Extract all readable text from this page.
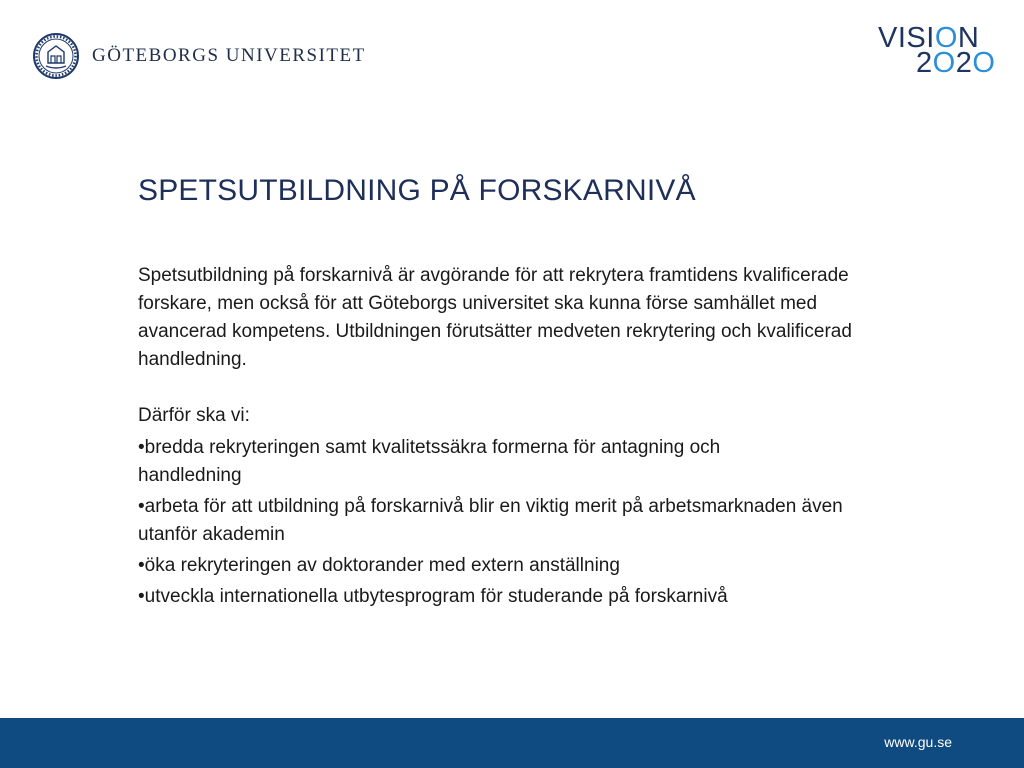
GÖTEBORGS UNIVERSITET
VISION
2O2O
SPETSUTBILDNING PÅ FORSKARNIVÅ

Spetsutbildning på forskarnivå är avgörande för att rekrytera framtidens kvalificerade forskare, men också för att Göteborgs universitet ska kunna förse samhället med avancerad kompetens. Utbildningen förutsätter medveten rekrytering och kvalificerad handledning.

Därför ska vi:

•bredda rekryteringen samt kvalitetssäkra formerna för antagning och handledning
•arbeta för att utbildning på forskarnivå blir en viktig merit på arbetsmarknaden även utanför akademin
•öka rekryteringen av doktorander med extern anställning
•utveckla internationella utbytesprogram för studerande på forskarnivå
www.gu.se
